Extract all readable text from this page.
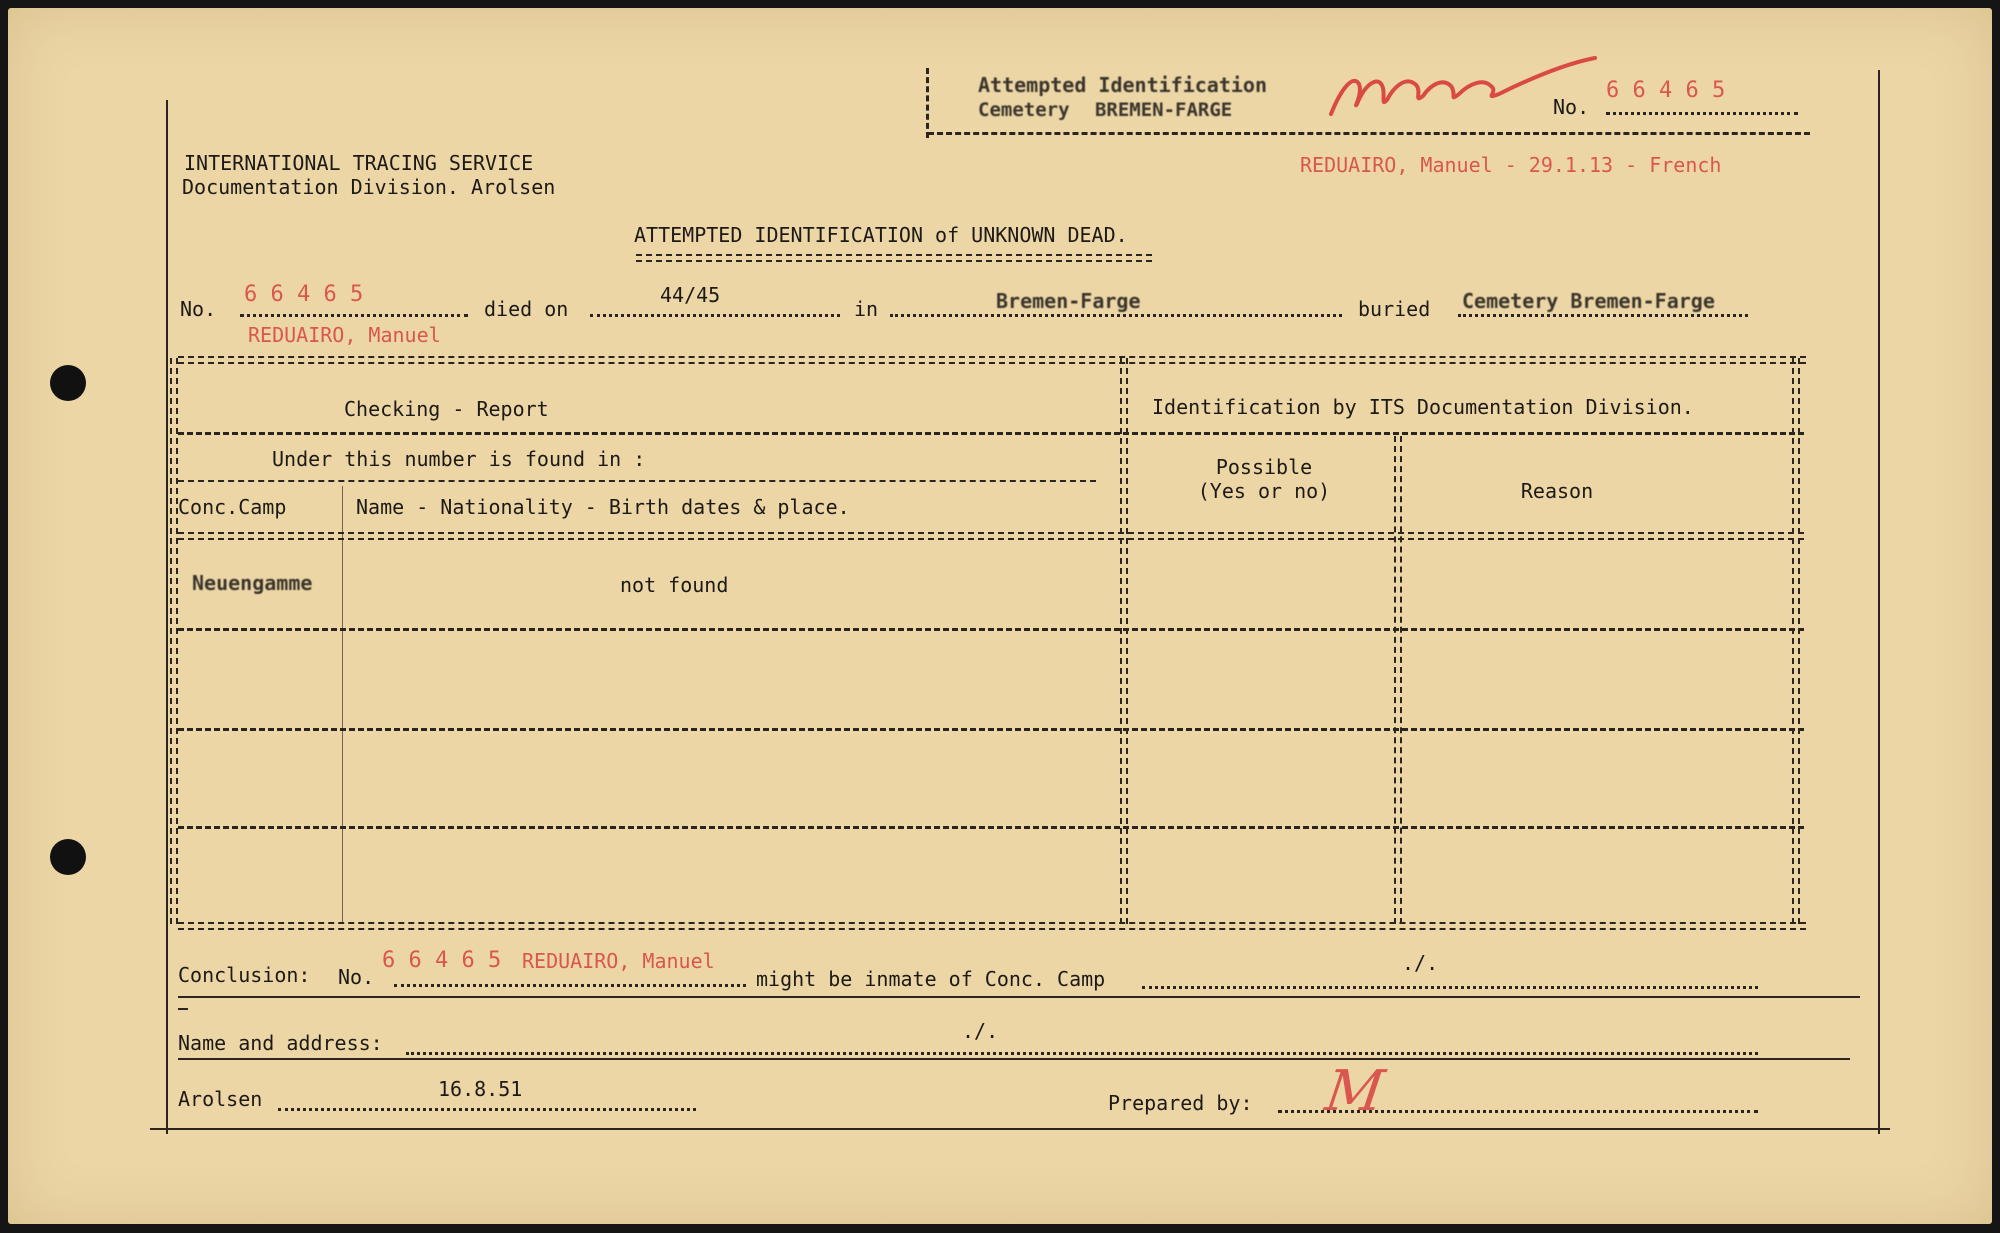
Attempted Identification
Cemetery BREMEN-FARGE	No.
6 6 4 6 5
REDUAIRO, Manuel - 29.1.13 - French
INTERNATIONAL TRACING SERVICE
Documentation Division. Arolsen
ATTEMPTED IDENTIFICATION of UNKNOWN DEAD.
No.
6 6 4 6 5
died on
44/45
in	Bremen-Farge	buried Cemetery Bremen-Farge
REDUAIRO, Manuel
Checking - Report	Identification by ITS Documentation Division.
Under this number is found in :
Conc.Camp	Name - Nationality - Birth dates & place.
Possible
(Yes or no)	Reason
Neuengamme	not found
Conclusion: No.
6 6 4 6 5 REDUAIRO, Manuel
might be inmate of Conc. Camp
./.
Name and address:	./.
Arolsen	16.8.51
Prepared by: M
